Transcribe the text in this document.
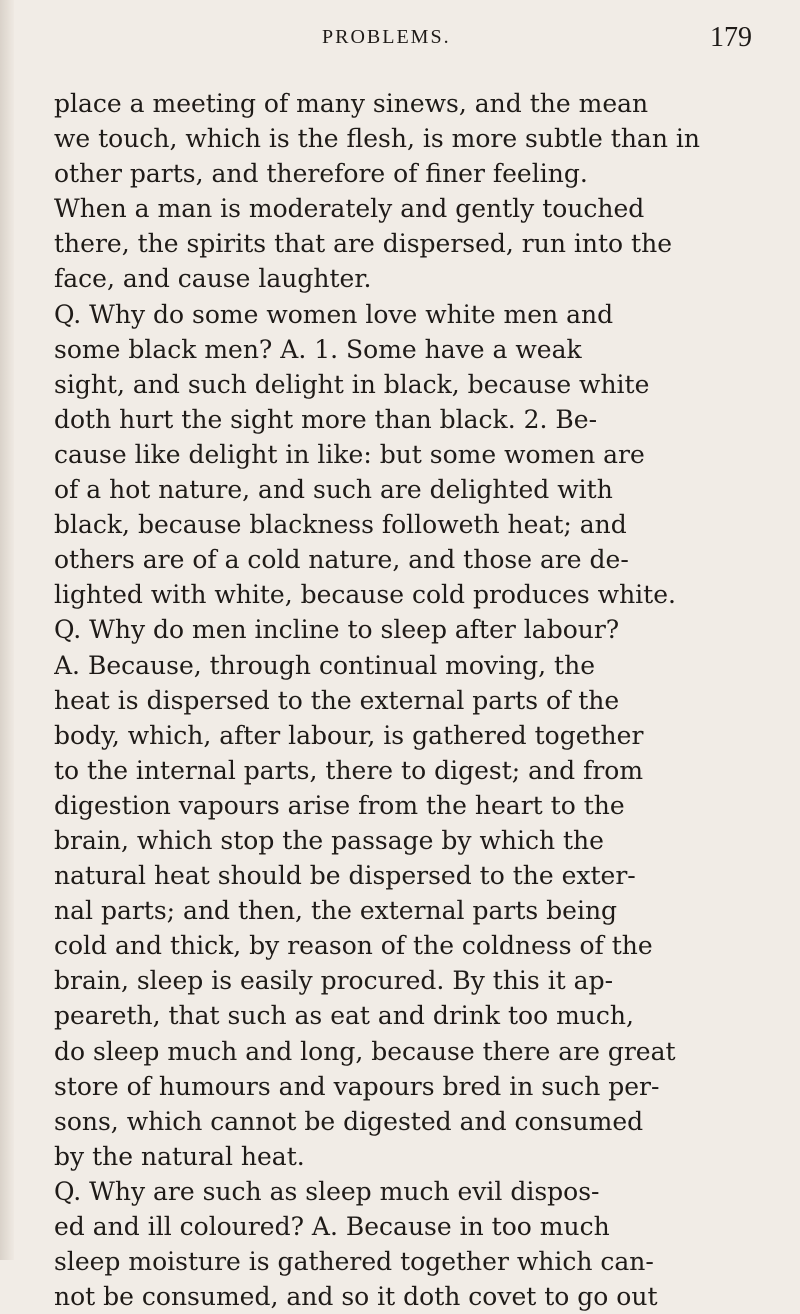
PROBLEMS.	179
place a meeting of many sinews, and the mean
we touch, which is the flesh, is more subtle than in
other parts, and therefore of finer feeling.
When a man is moderately and gently touched
there, the spirits that are dispersed, run into the
face, and cause laughter.
Q. Why do some women love white men and
some black men? A. 1. Some have a weak
sight, and such delight in black, because white
doth hurt the sight more than black. 2. Be-
cause like delight in like: but some women are
of a hot nature, and such are delighted with
black, because blackness followeth heat; and
others are of a cold nature, and those are de-
lighted with white, because cold produces white.
Q. Why do men incline to sleep after labour?
A. Because, through continual moving, the
heat is dispersed to the external parts of the
body, which, after labour, is gathered together
to the internal parts, there to digest; and from
digestion vapours arise from the heart to the
brain, which stop the passage by which the
natural heat should be dispersed to the exter-
nal parts; and then, the external parts being
cold and thick, by reason of the coldness of the
brain, sleep is easily procured. By this it ap-
peareth, that such as eat and drink too much,
do sleep much and long, because there are great
store of humours and vapours bred in such per-
sons, which cannot be digested and consumed
by the natural heat.
Q. Why are such as sleep much evil dispos-
ed and ill coloured? A. Because in too much
sleep moisture is gathered together which can-
not be consumed, and so it doth covet to go out
